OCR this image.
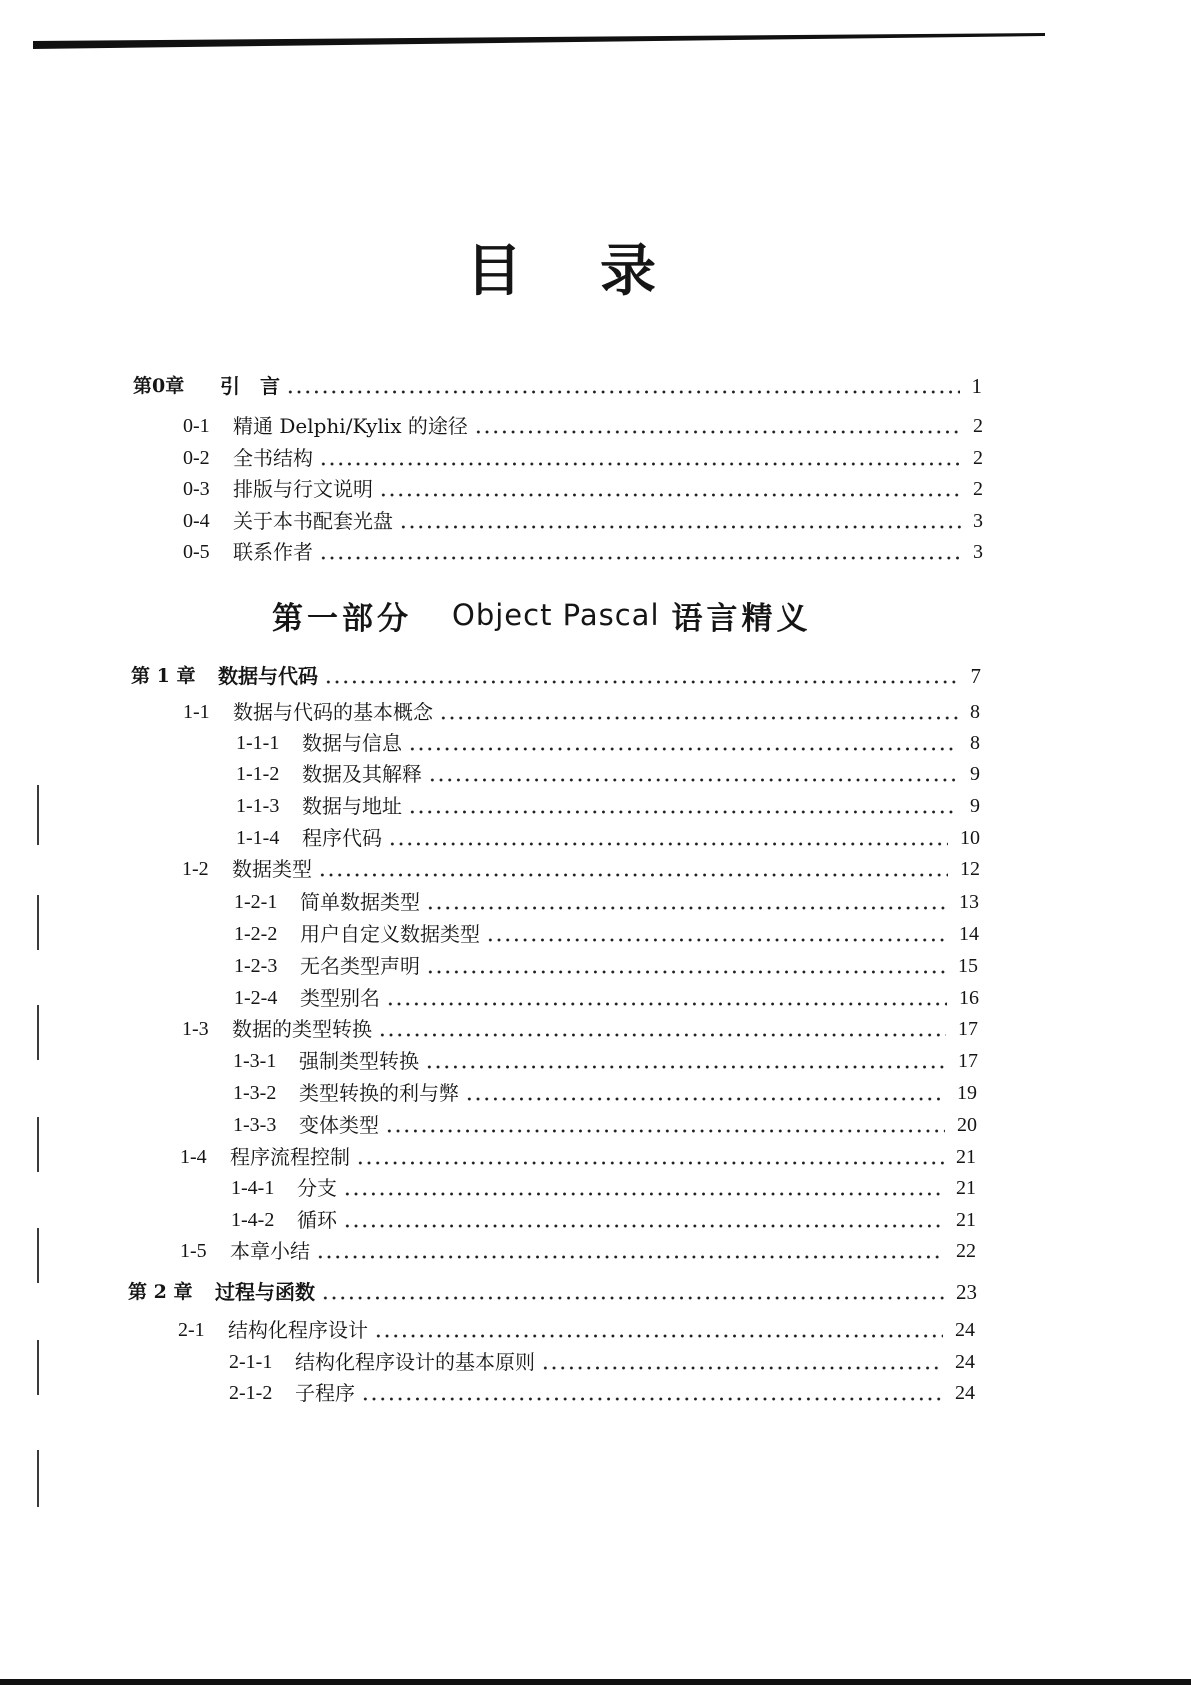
目录
第0章	引　言	1
0-1	精通 Delphi/Kylix 的途径	2
0-2	全书结构	2
0-3	排版与行文说明	2
0-4	关于本书配套光盘	3
0-5	联系作者	3
第一部分 Object Pascal 语言精义
第 1 章	数据与代码	7
1-1	数据与代码的基本概念	8
1-1-1	数据与信息	8
1-1-2	数据及其解释	9
1-1-3	数据与地址	9
1-1-4	程序代码	10
1-2	数据类型	12
1-2-1	简单数据类型	13
1-2-2	用户自定义数据类型	14
1-2-3	无名类型声明	15
1-2-4	类型别名	16
1-3	数据的类型转换	17
1-3-1	强制类型转换	17
1-3-2	类型转换的利与弊	19
1-3-3	变体类型	20
1-4	程序流程控制	21
1-4-1	分支	21
1-4-2	循环	21
1-5	本章小结	22
第 2 章	过程与函数	23
2-1	结构化程序设计	24
2-1-1	结构化程序设计的基本原则	24
2-1-2	子程序	24
